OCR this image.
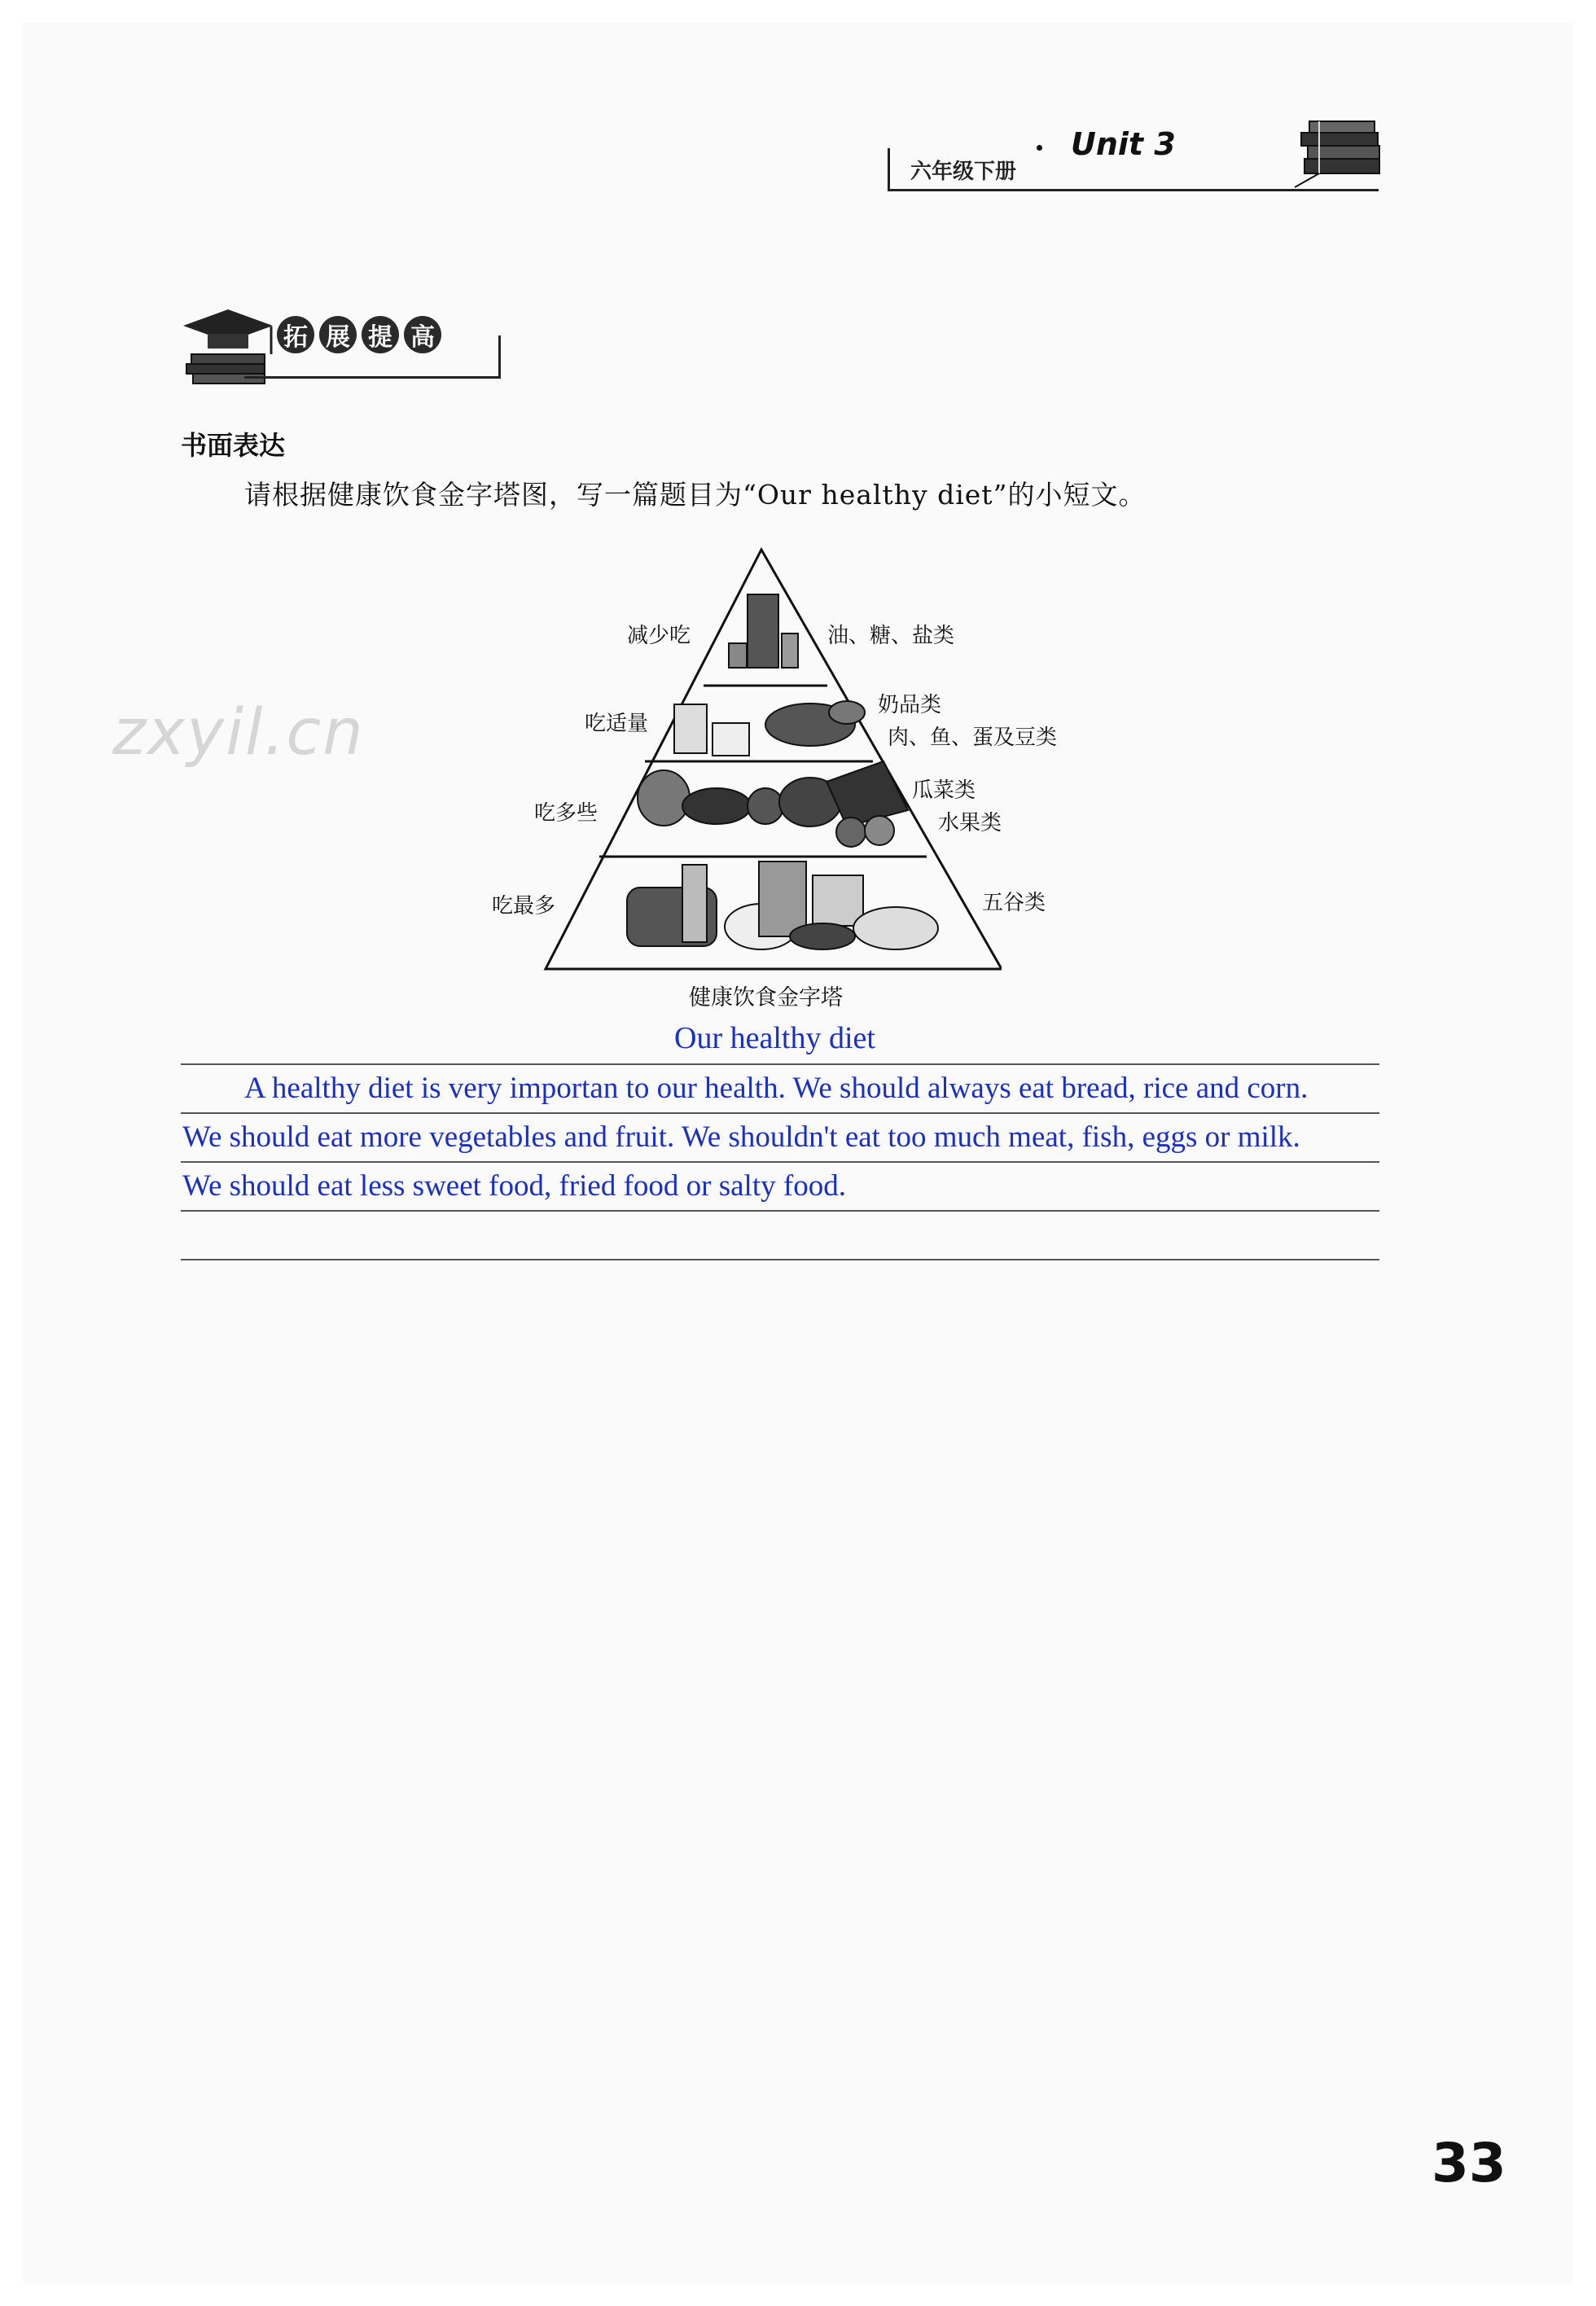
六年级下册
Unit 3
拓 展 提 高
书面表达
请根据健康饮食金字塔图，写一篇题目为“Our healthy diet”的小短文。
zxyil.cn
减少吃	油、糖、盐类
吃适量
奶品类
肉、鱼、蛋及豆类
吃多些
瓜菜类
水果类
吃最多	五谷类
健康饮食金字塔
Our healthy diet
A healthy diet is very importan to our health. We should always eat bread, rice and corn.
We should eat more vegetables and fruit. We shouldn't eat too much meat, fish, eggs or milk.
We should eat less sweet food, fried food or salty food.
33
